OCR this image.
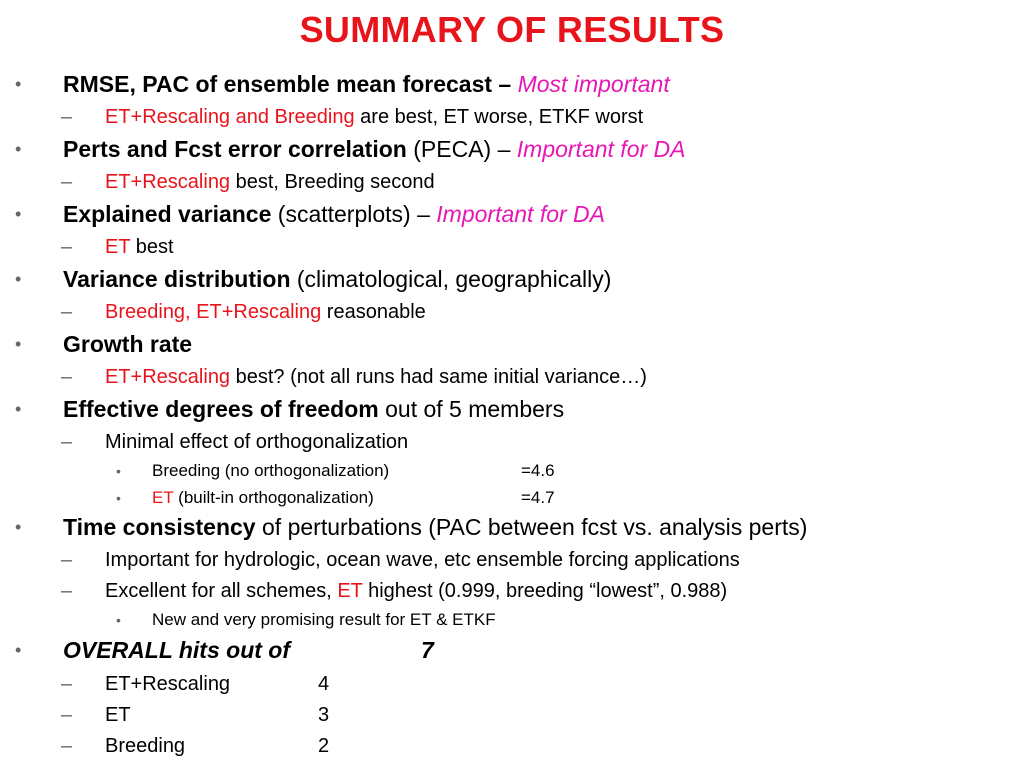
SUMMARY OF RESULTS
• RMSE, PAC of ensemble mean forecast – Most important
– ET+Rescaling and Breeding are best, ET worse, ETKF worst
• Perts and Fcst error correlation (PECA) – Important for DA
– ET+Rescaling best, Breeding second
• Explained variance (scatterplots) – Important for DA
– ET best
• Variance distribution (climatological, geographically)
– Breeding, ET+Rescaling reasonable
• Growth rate
– ET+Rescaling best? (not all runs had same initial variance…)
• Effective degrees of freedom out of 5 members
– Minimal effect of orthogonalization
• Breeding (no orthogonalization)	=4.6
• ET (built-in orthogonalization)	=4.7
• Time consistency of perturbations (PAC between fcst vs. analysis perts)
– Important for hydrologic, ocean wave, etc ensemble forcing applications
– Excellent for all schemes, ET highest (0.999, breeding “lowest”, 0.988)
• New and very promising result for ET & ETKF
• OVERALL hits out of	7
– ET+Rescaling	4
– ET	3
– Breeding	2
